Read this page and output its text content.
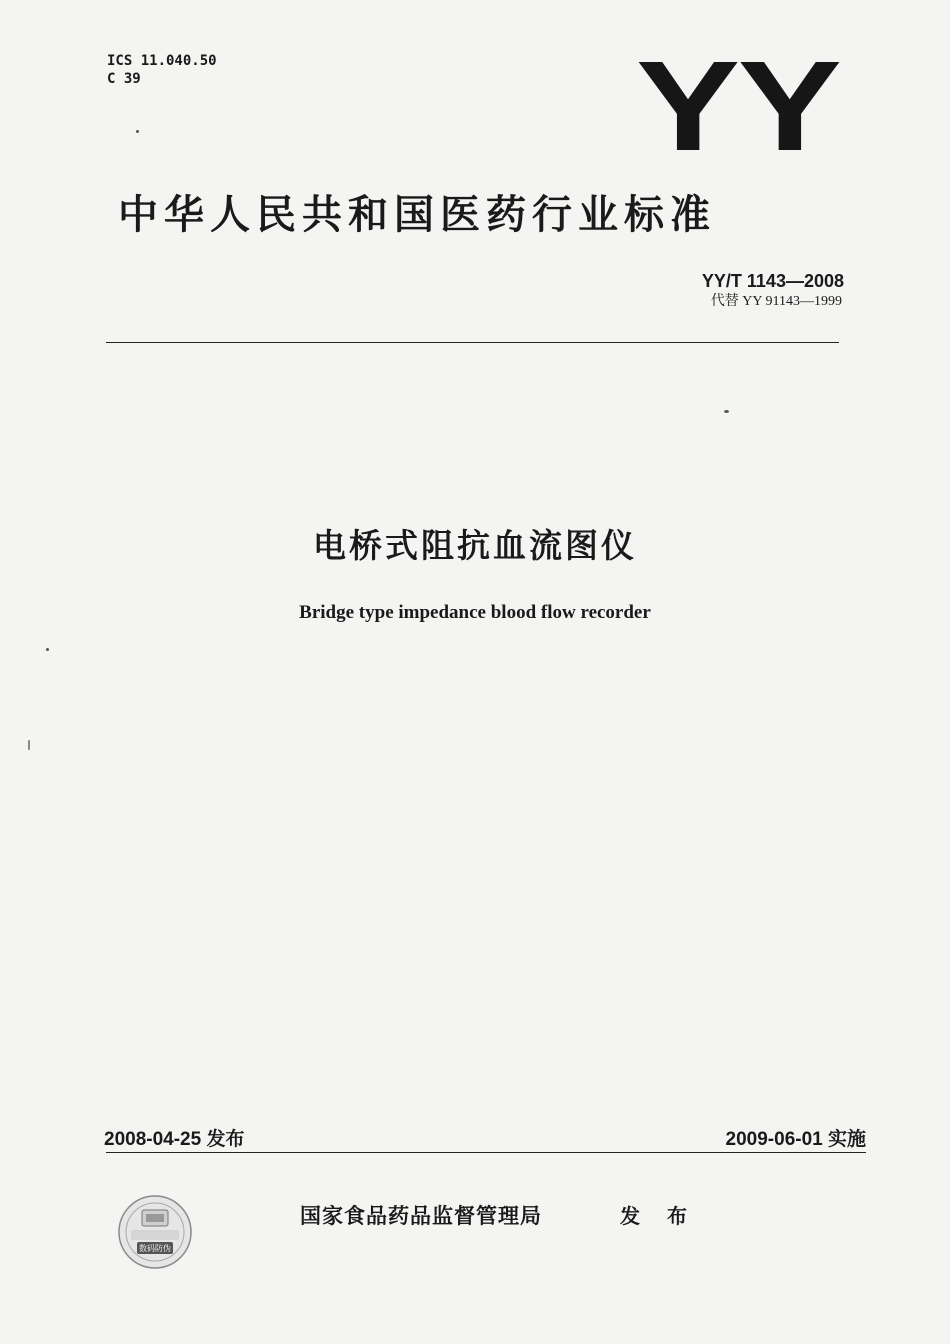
ICS 11.040.50
C 39	YY
中华人民共和国医药行业标准
YY/T 1143—2008
代替 YY 91143—1999
电桥式阻抗血流图仪
Bridge type impedance blood flow recorder
2008-04-25 发布	2009-06-01 实施
数码防伪
国家食品药品监督管理局	发 布
